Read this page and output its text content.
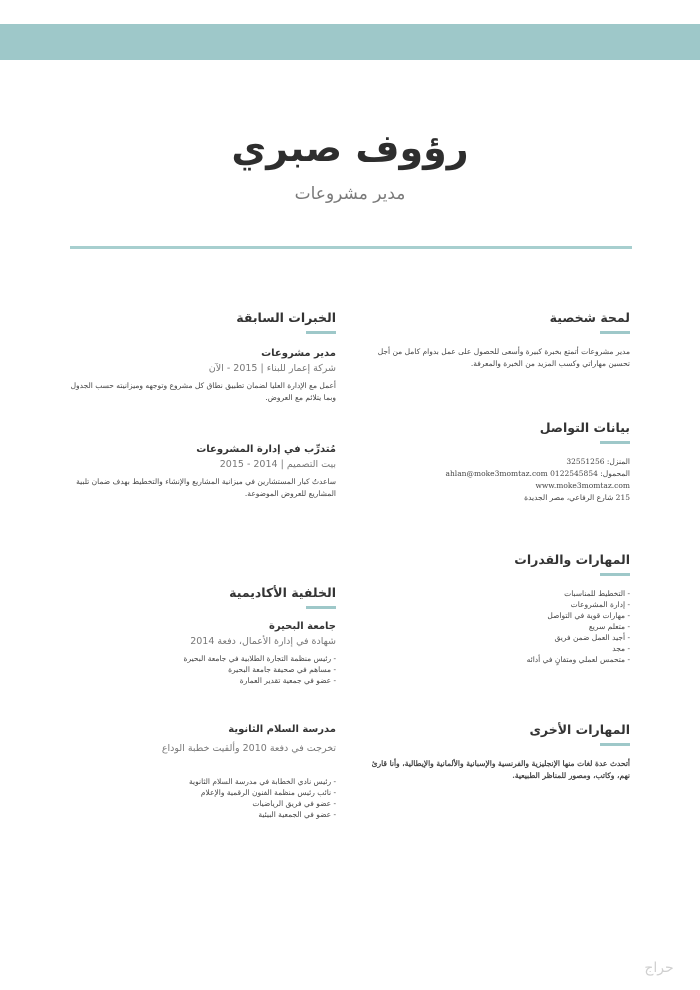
رؤوف صبري
مدير مشروعات
لمحة شخصية
مدير مشروعات أتمتع بخبرة كبيرة وأسعى للحصول على عمل بدوام كامل من أجل تحسين مهاراتي وكسب المزيد من الخبرة والمعرفة.
بيانات التواصل
المنزل: 32551256
المحمول: ahlan@moke3momtaz.com 0122545854
www.moke3momtaz.com
215 شارع الرفاعي، مصر الجديدة
المهارات والقدرات
- التخطيط للمناسبات
- إدارة المشروعات
- مهارات قوية في التواصل
- متعلم سريع
- أجيد العمل ضمن فريق
- مجد
- متحمس لعملي ومتفانٍ في أدائه
المهارات الأخرى
أتحدث عدة لغات منها الإنجليزية والفرنسية والإسبانية والألمانية والإيطالية، وأنا قارئ نهم، وكاتب، ومصور للمناظر الطبيعية.
الخبرات السابقة
مدير مشروعات
شركة إعمار للبناء | 2015 - الآن
أعمل مع الإدارة العليا لضمان تطبيق نطاق كل مشروع وتوجهه وميزانيته حسب الجدول وبما يتلائم مع العروض.
مُتدرِّب في إدارة المشروعات
بيت التصميم | 2014 - 2015
ساعدتُ كبار المستشارين في ميزانية المشاريع والإنشاء والتخطيط بهدف ضمان تلبية المشاريع للعروض الموضوعة.
الخلفية الأكاديمية
جامعة البحيرة
شهادة في إدارة الأعمال، دفعة 2014
- رئيس منظمة التجارة الطلابية في جامعة البحيرة
- مساهم في صحيفة جامعة البحيرة
- عضو في جمعية تقدير العمارة
مدرسة السلام الثانوية
تخرجت في دفعة 2010 وألقيت خطبة الوداع
- رئيس نادي الخطابة في مدرسة السلام الثانوية
- نائب رئيس منظمة الفنون الرقمية والإعلام
- عضو في فريق الرياضيات
- عضو في الجمعية البيئية
حراج
